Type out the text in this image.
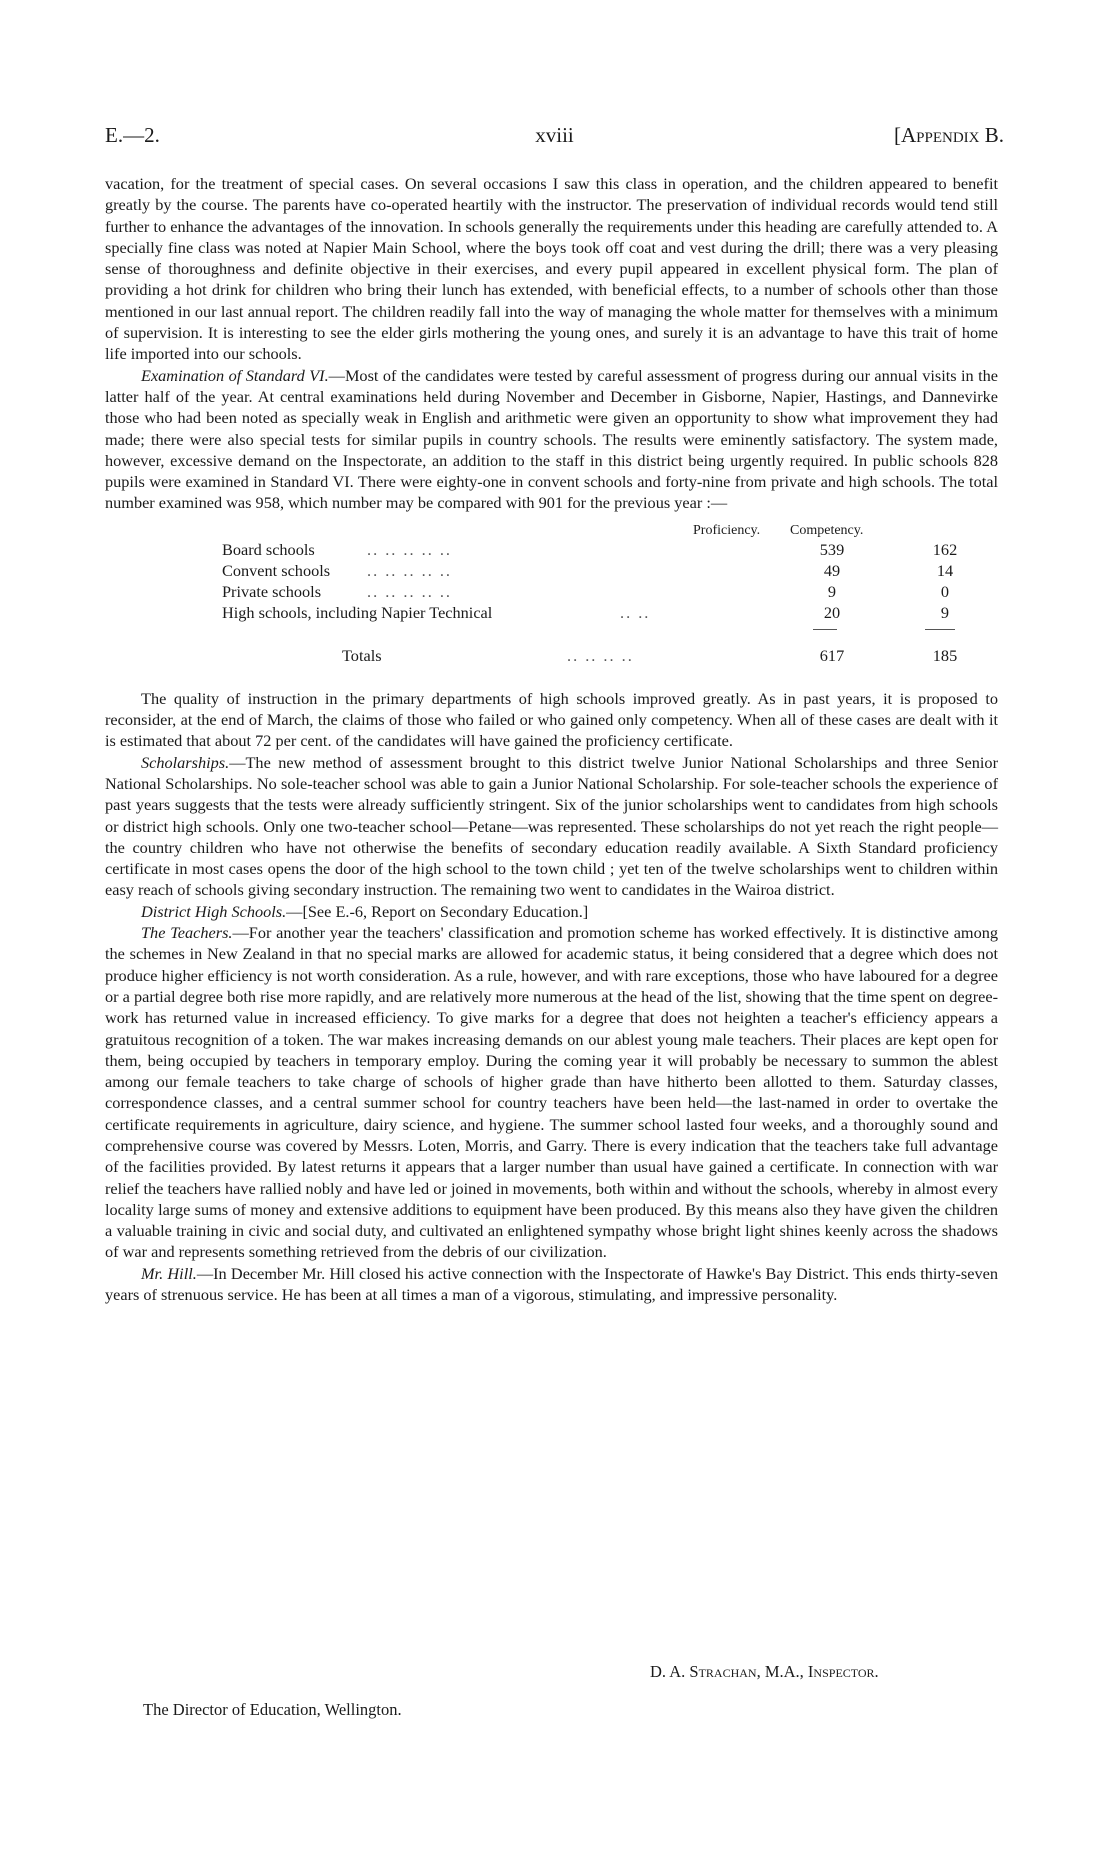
E.—2.	xviii	[Appendix B.

vacation, for the treatment of special cases. On several occasions I saw this class in operation, and the children appeared to benefit greatly by the course. The parents have co-operated heartily with the instructor. The preservation of individual records would tend still further to enhance the advantages of the innovation. In schools generally the requirements under this heading are carefully attended to. A specially fine class was noted at Napier Main School, where the boys took off coat and vest during the drill; there was a very pleasing sense of thoroughness and definite objective in their exercises, and every pupil appeared in excellent physical form. The plan of providing a hot drink for children who bring their lunch has extended, with beneficial effects, to a number of schools other than those mentioned in our last annual report. The children readily fall into the way of managing the whole matter for themselves with a minimum of supervision. It is interesting to see the elder girls mothering the young ones, and surely it is an advantage to have this trait of home life imported into our schools.

Examination of Standard VI.—Most of the candidates were tested by careful assessment of progress during our annual visits in the latter half of the year. At central examinations held during November and December in Gisborne, Napier, Hastings, and Dannevirke those who had been noted as specially weak in English and arithmetic were given an opportunity to show what improvement they had made; there were also special tests for similar pupils in country schools. The results were eminently satisfactory. The system made, however, excessive demand on the Inspectorate, an addition to the staff in this district being urgently required. In public schools 828 pupils were examined in Standard VI. There were eighty-one in convent schools and forty-nine from private and high schools. The total number examined was 958, which number may be compared with 901 for the previous year :—

Proficiency. Competency.
Board schools	.. .. .. .. ..	539	162
Convent schools .. .. .. .. ..	49	14
Private schools	.. .. .. .. ..	9	0
High schools, including Napier Technical	.. ..	20	9
Totals	.. .. .. ..	617	185

The quality of instruction in the primary departments of high schools improved greatly. As in past years, it is proposed to reconsider, at the end of March, the claims of those who failed or who gained only competency. When all of these cases are dealt with it is estimated that about 72 per cent. of the candidates will have gained the proficiency certificate.

Scholarships.—The new method of assessment brought to this district twelve Junior National Scholarships and three Senior National Scholarships. No sole-teacher school was able to gain a Junior National Scholarship. For sole-teacher schools the experience of past years suggests that the tests were already sufficiently stringent. Six of the junior scholarships went to candidates from high schools or district high schools. Only one two-teacher school—Petane—was represented. These scholarships do not yet reach the right people—the country children who have not otherwise the benefits of secondary education readily available. A Sixth Standard proficiency certificate in most cases opens the door of the high school to the town child ; yet ten of the twelve scholarships went to children within easy reach of schools giving secondary instruction. The remaining two went to candidates in the Wairoa district.

District High Schools.—[See E.-6, Report on Secondary Education.]

The Teachers.—For another year the teachers' classification and promotion scheme has worked effectively. It is distinctive among the schemes in New Zealand in that no special marks are allowed for academic status, it being considered that a degree which does not produce higher efficiency is not worth consideration. As a rule, however, and with rare exceptions, those who have laboured for a degree or a partial degree both rise more rapidly, and are relatively more numerous at the head of the list, showing that the time spent on degree-work has returned value in increased efficiency. To give marks for a degree that does not heighten a teacher's efficiency appears a gratuitous recognition of a token. The war makes increasing demands on our ablest young male teachers. Their places are kept open for them, being occupied by teachers in temporary employ. During the coming year it will probably be necessary to summon the ablest among our female teachers to take charge of schools of higher grade than have hitherto been allotted to them. Saturday classes, correspondence classes, and a central summer school for country teachers have been held—the last-named in order to overtake the certificate requirements in agriculture, dairy science, and hygiene. The summer school lasted four weeks, and a thoroughly sound and comprehensive course was covered by Messrs. Loten, Morris, and Garry. There is every indication that the teachers take full advantage of the facilities provided. By latest returns it appears that a larger number than usual have gained a certificate. In connection with war relief the teachers have rallied nobly and have led or joined in movements, both within and without the schools, whereby in almost every locality large sums of money and extensive additions to equipment have been produced. By this means also they have given the children a valuable training in civic and social duty, and cultivated an enlightened sympathy whose bright light shines keenly across the shadows of war and represents something retrieved from the debris of our civilization.

Mr. Hill.—In December Mr. Hill closed his active connection with the Inspectorate of Hawke's Bay District. This ends thirty-seven years of strenuous service. He has been at all times a man of a vigorous, stimulating, and impressive personality.

D. A. Strachan, M.A., Inspector.
The Director of Education, Wellington.
